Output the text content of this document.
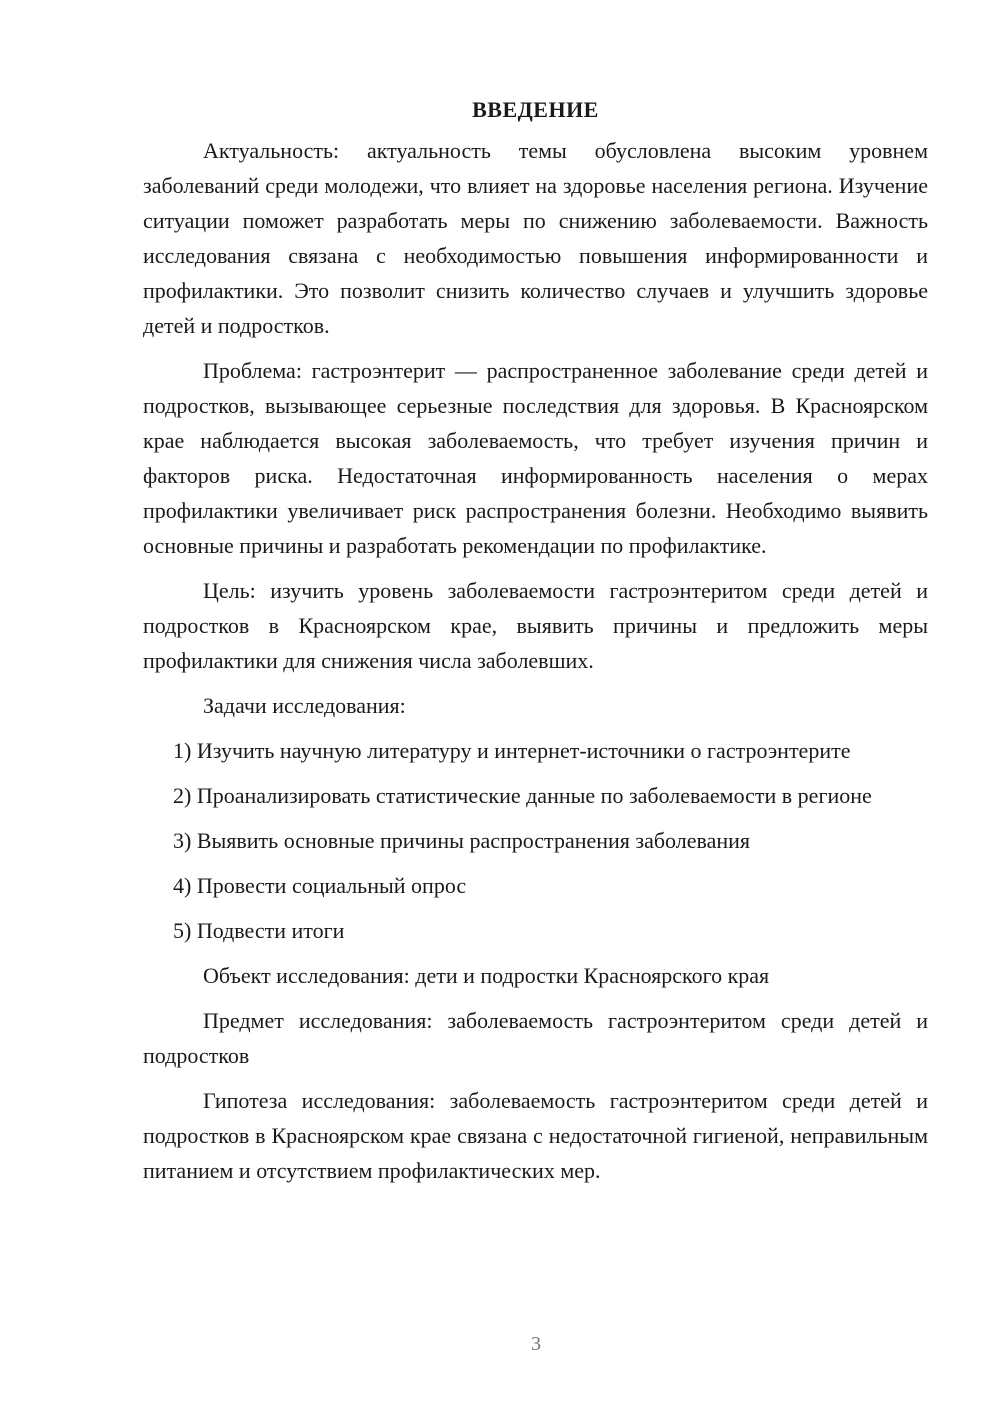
ВВЕДЕНИЕ

Актуальность: актуальность темы обусловлена высоким уровнем заболеваний среди молодежи, что влияет на здоровье населения региона. Изучение ситуации поможет разработать меры по снижению заболеваемости. Важность исследования связана с необходимостью повышения информированности и профилактики. Это позволит снизить количество случаев и улучшить здоровье детей и подростков.

Проблема: гастроэнтерит — распространенное заболевание среди детей и подростков, вызывающее серьезные последствия для здоровья. В Красноярском крае наблюдается высокая заболеваемость, что требует изучения причин и факторов риска. Недостаточная информированность населения о мерах профилактики увеличивает риск распространения болезни. Необходимо выявить основные причины и разработать рекомендации по профилактике.

Цель: изучить уровень заболеваемости гастроэнтеритом среди детей и подростков в Красноярском крае, выявить причины и предложить меры профилактики для снижения числа заболевших.

Задачи исследования:

1) Изучить научную литературу и интернет-источники о гастроэнтерите

2) Проанализировать статистические данные по заболеваемости в регионе

3) Выявить основные причины распространения заболевания

4) Провести социальный опрос

5) Подвести итоги

Объект исследования: дети и подростки Красноярского края

Предмет исследования: заболеваемость гастроэнтеритом среди детей и подростков

Гипотеза исследования: заболеваемость гастроэнтеритом среди детей и подростков в Красноярском крае связана с недостаточной гигиеной, неправильным питанием и отсутствием профилактических мер.

3
